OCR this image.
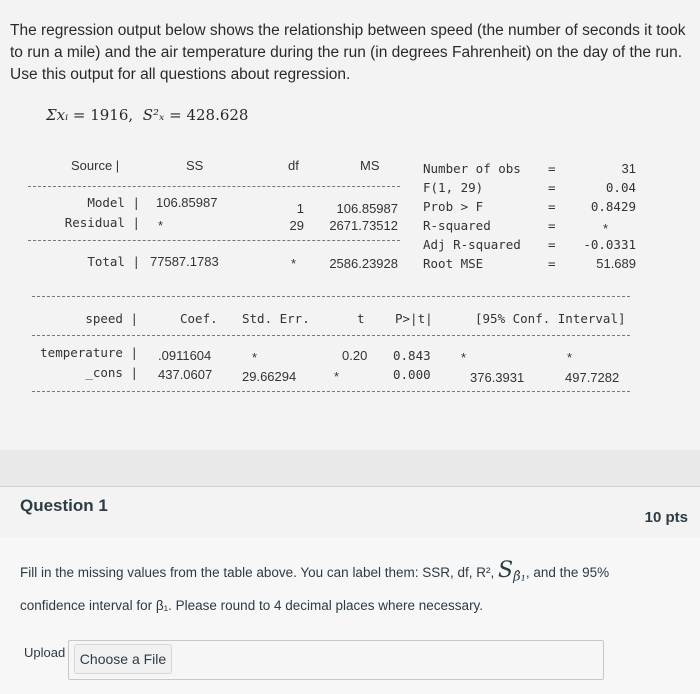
The regression output below shows the relationship between speed (the number of seconds it took to run a mile) and the air temperature during the run (in degrees Fahrenheit) on the day of the run. Use this output for all questions about regression.

Σxᵢ = 1916, S²ₓ = 428.628
Source |	SS	df	MS
Model | 106.85987	1	106.85987
Residual | *	29	2671.73512
Total | 77587.1783	*	2586.23928
Number of obs =	31
F(1, 29)	=	0.04
Prob > F	=	0.8429
R-squared	=	*
Adj R-squared =	-0.0331
Root MSE	=	51.689
speed |	Coef. Std. Err.	t P>|t|	[95% Conf. Interval]
temperature | .0911604	*	0.20 0.843 *	*
_cons | 437.0607 29.66294	*	0.000	376.3931	497.7282
Question 1
10 pts
Fill in the missing values from the table above. You can label them: SSR, df, R², $S_{\betâ_1}$, and the 95%
confidence interval for β₁. Please round to 4 decimal places where necessary.
Upload	Choose a File
